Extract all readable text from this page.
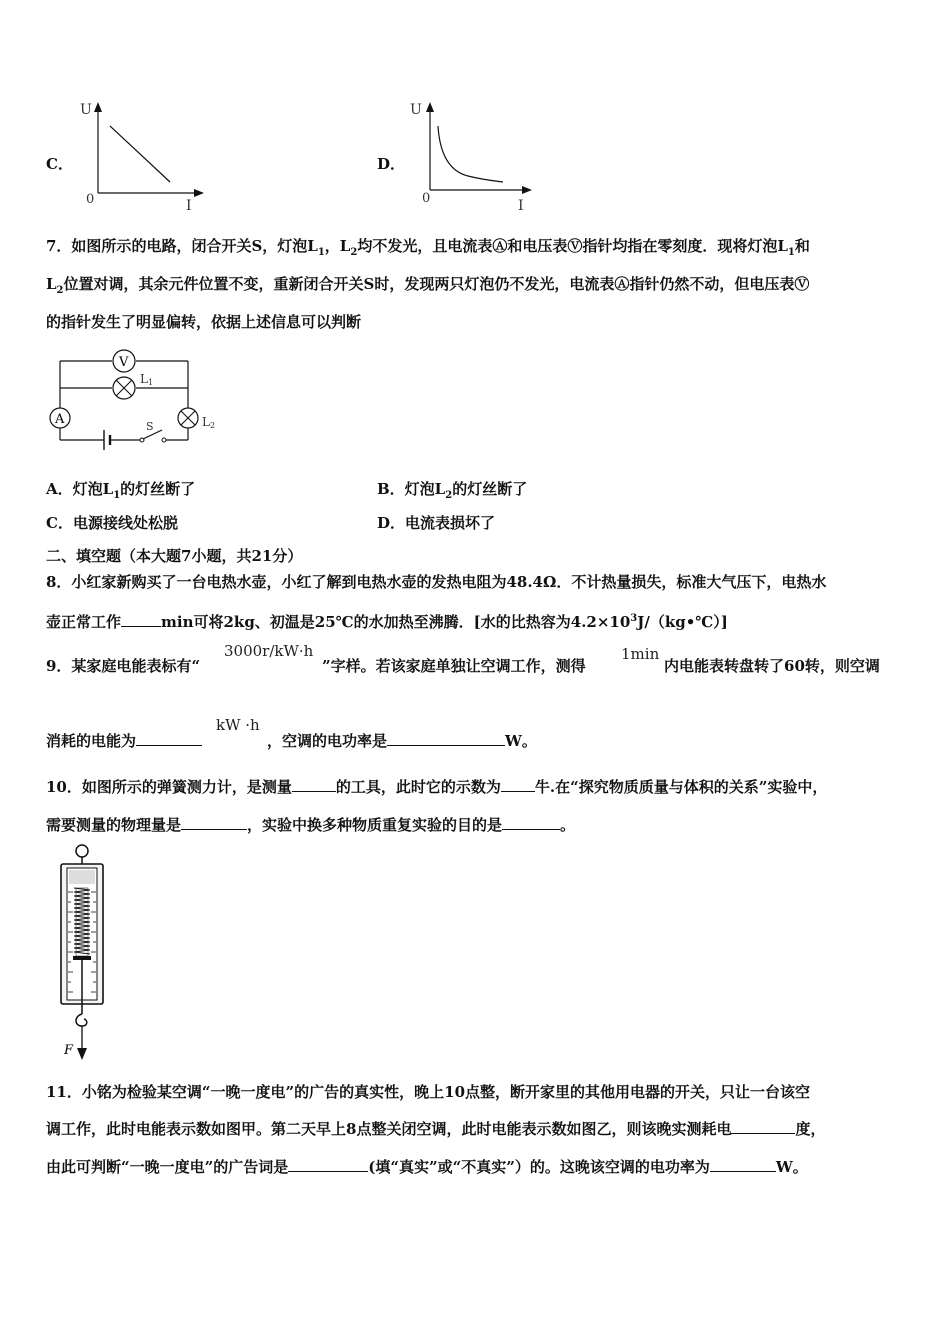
C．
U
0	I
D．
U
0	I
7．如图所示的电路，闭合开关S，灯泡$L_1$，$L_2$均不发光，且电流表Ⓐ和电压表Ⓥ指针均指在零刻度．现将灯泡$L_1$和
$L_2$位置对调，其余元件位置不变，重新闭合开关S时，发现两只灯泡仍不发光，电流表Ⓐ指针仍然不动，但电压表Ⓥ
的指针发生了明显偏转，依据上述信息可以判断
V
L1
A	L2
S
A．灯泡$L_1$的灯丝断了	B．灯泡$L_2$的灯丝断了
C．电源接线处松脱	D．电流表损坏了
二、填空题（本大题7小题，共21分）
8．小红家新购买了一台电热水壶，小红了解到电热水壶的发热电阻为48.4Ω．不计热量损失，标准大气压下，电热水
壶正常工作	min可将2kg、初温是25℃的水加热至沸腾．[水的比热容为$4.2\times 10^3J/(kg•℃)$]
9．某家庭电能表标有“
3000r/kW·h
”字样。若该家庭单独让空调工作，测得
1min
内电能表转盘转了60转，则空调
消耗的电能为
kW ·h
，空调的电功率是	W。
10．如图所示的弹簧测力计，是测量	的工具，此时它的示数为 牛.在“探究物质质量与体积的关系”实验中，
需要测量的物理量是	，实验中换多种物质重复实验的目的是	。
F
11．小铭为检验某空调“一晚一度电”的广告的真实性，晚上10点整，断开家里的其他用电器的开关，只让一台该空
调工作，此时电能表示数如图甲。第二天早上8点整关闭空调，此时电能表示数如图乙，则该晚实测耗电	度，
由此可判断“一晚一度电”的广告词是	(填“真实”或“不真实”）的。这晚该空调的电功率为	W。
